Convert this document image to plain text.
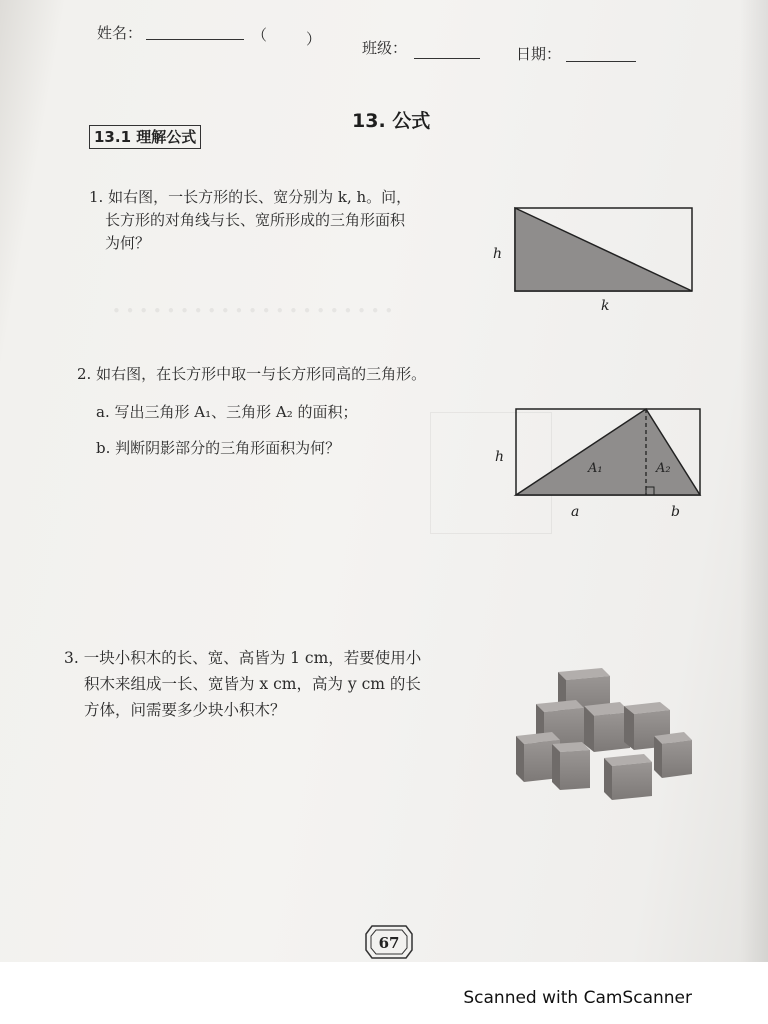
• • • • • • • • • • • • • • • • • • • • •
姓名：	（	）	班级：	日期：
13. 公式
13.1 理解公式
1. 如右图，一长方形的长、宽分别为 k, h。问，
长方形的对角线与长、宽所形成的三角形面积
为何？
h
k
2. 如右图，在长方形中取一与长方形同高的三角形。
a. 写出三角形 A₁、三角形 A₂ 的面积；
b. 判断阴影部分的三角形面积为何？	h
A₁	A₂
a	b
3. 一块小积木的长、宽、高皆为 1 cm，若要使用小
积木来组成一长、宽皆为 x cm，高为 y cm 的长
方体，问需要多少块小积木？
67
Scanned with CamScanner
